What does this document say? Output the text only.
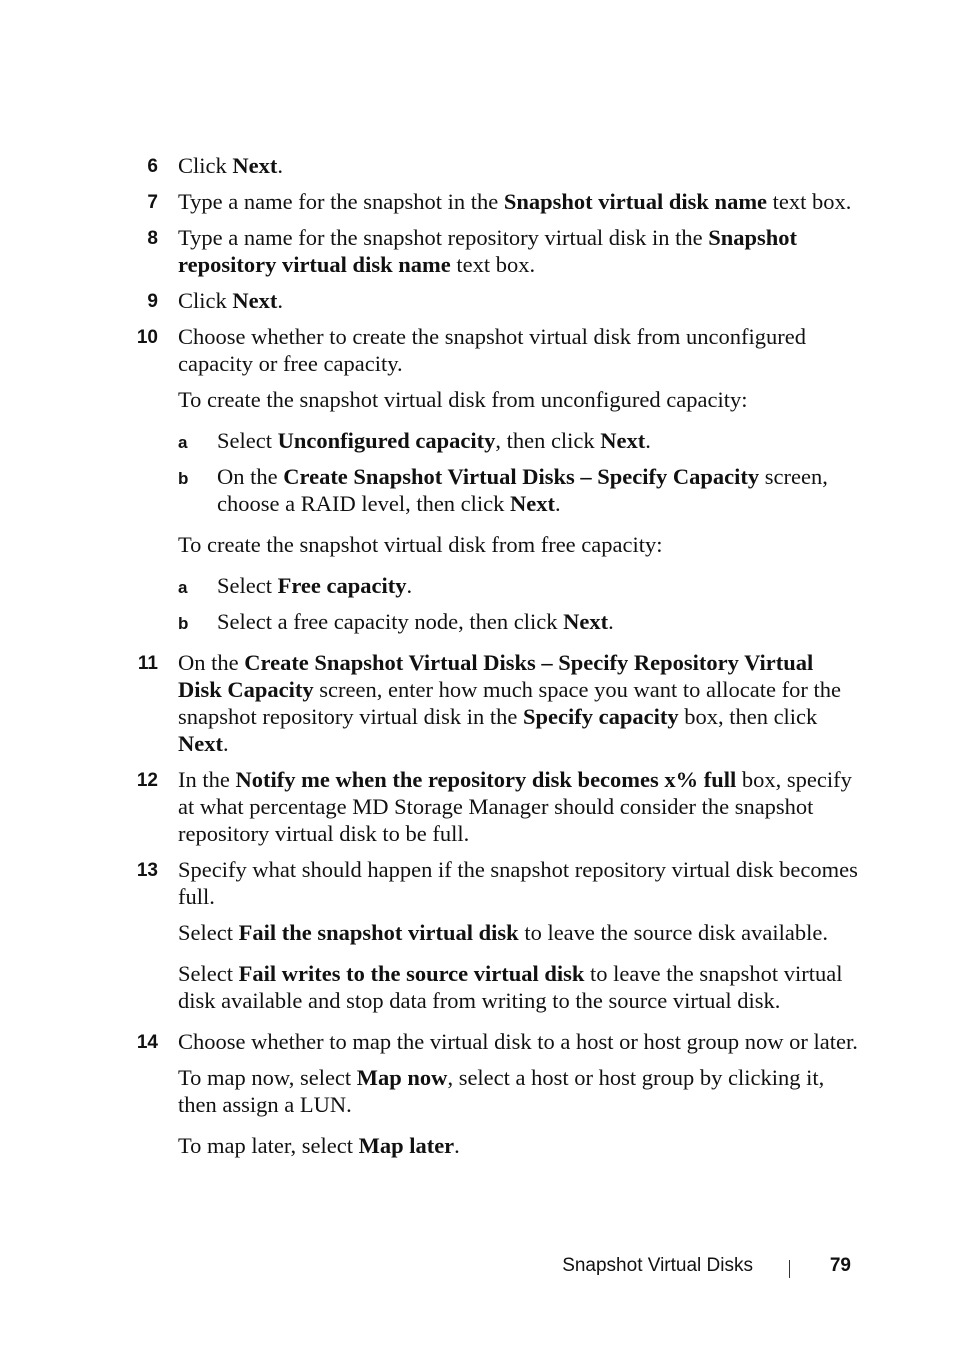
6 Click Next.
7 Type a name for the snapshot in the Snapshot virtual disk name text box.
8 Type a name for the snapshot repository virtual disk in the Snapshot repository virtual disk name text box.
9 Click Next.
10 Choose whether to create the snapshot virtual disk from unconfigured capacity or free capacity.
To create the snapshot virtual disk from unconfigured capacity:
a Select Unconfigured capacity, then click Next.
b On the Create Snapshot Virtual Disks – Specify Capacity screen, choose a RAID level, then click Next.
To create the snapshot virtual disk from free capacity:
a Select Free capacity.
b Select a free capacity node, then click Next.
11 On the Create Snapshot Virtual Disks – Specify Repository Virtual Disk Capacity screen, enter how much space you want to allocate for the snapshot repository virtual disk in the Specify capacity box, then click Next.
12 In the Notify me when the repository disk becomes x% full box, specify at what percentage MD Storage Manager should consider the snapshot repository virtual disk to be full.
13 Specify what should happen if the snapshot repository virtual disk becomes full.
Select Fail the snapshot virtual disk to leave the source disk available.
Select Fail writes to the source virtual disk to leave the snapshot virtual disk available and stop data from writing to the source virtual disk.
14 Choose whether to map the virtual disk to a host or host group now or later.
To map now, select Map now, select a host or host group by clicking it, then assign a LUN.
To map later, select Map later.
Snapshot Virtual Disks	79
